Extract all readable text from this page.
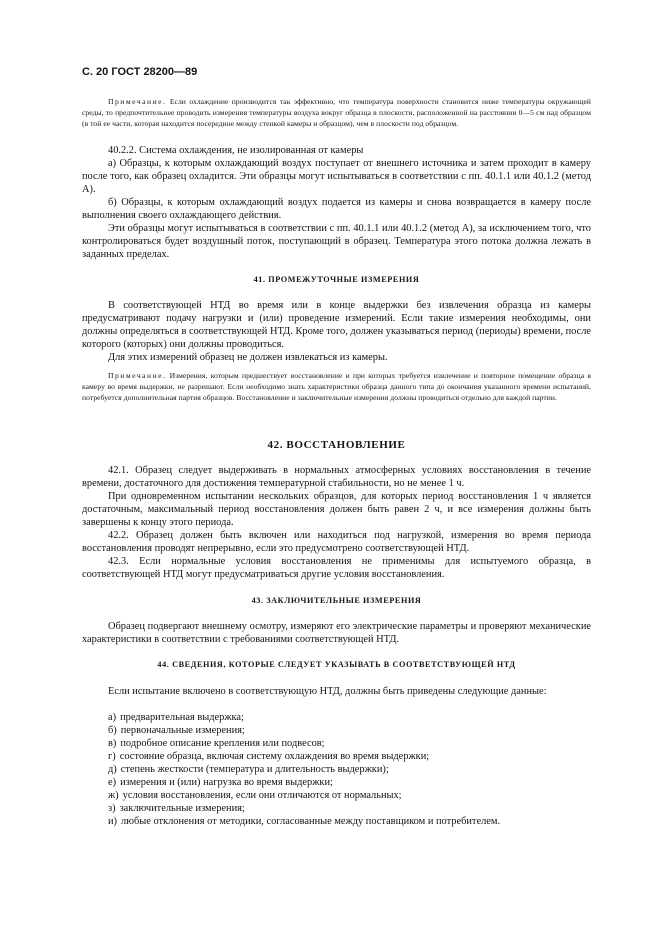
С. 20 ГОСТ 28200—89

Примечание. Если охлаждение производится так эффективно, что температура поверхности становится ниже температуры окружающей среды, то предпочтительнее проводить измерения температуры воздуха вокруг образца в плоскости, расположенной на расстоянии 0—5 см над образцом (в той ее части, которая находится посередине между стенкой камеры и образцом), чем в плоскости под образцом.

40.2.2. Система охлаждения, не изолированная от камеры

а) Образцы, к которым охлаждающий воздух поступает от внешнего источника и затем проходит в камеру после того, как образец охладится. Эти образцы могут испытываться в соответствии с пп. 40.1.1 или 40.1.2 (метод А).

б) Образцы, к которым охлаждающий воздух подается из камеры и снова возвращается в камеру после выполнения своего охлаждающего действия.

Эти образцы могут испытываться в соответствии с пп. 40.1.1 или 40.1.2 (метод А), за исключением того, что контролироваться будет воздушный поток, поступающий в образец. Температура этого потока должна лежать в заданных пределах.

41. ПРОМЕЖУТОЧНЫЕ ИЗМЕРЕНИЯ

В соответствующей НТД во время или в конце выдержки без извлечения образца из камеры предусматривают подачу нагрузки и (или) проведение измерений. Если такие измерения необходимы, они должны определяться в соответствующей НТД. Кроме того, должен указываться период (периоды) времени, после которого (которых) они должны проводиться.

Для этих измерений образец не должен извлекаться из камеры.

Примечание. Измерения, которым предшествует восстановление и при которых требуется извлечение и повторное помещение образца в камеру во время выдержки, не разрешают. Если необходимо знать характеристики образца данного типа до окончания указанного времени испытаний, потребуется дополнительная партия образцов. Восстановление и заключительные измерения должны проводиться отдельно для каждой партии.

42. ВОССТАНОВЛЕНИЕ

42.1. Образец следует выдерживать в нормальных атмосферных условиях восстановления в течение времени, достаточного для достижения температурной стабильности, но не менее 1 ч.

При одновременном испытании нескольких образцов, для которых период восстановления 1 ч является достаточным, максимальный период восстановления должен быть равен 2 ч, и все измерения должны быть завершены к концу этого периода.

42.2. Образец должен быть включен или находиться под нагрузкой, измерения во время периода восстановления проводят непрерывно, если это предусмотрено соответствующей НТД.

42.3. Если нормальные условия восстановления не применимы для испытуемого образца, в соответствующей НТД могут предусматриваться другие условия восстановления.

43. ЗАКЛЮЧИТЕЛЬНЫЕ ИЗМЕРЕНИЯ

Образец подвергают внешнему осмотру, измеряют его электрические параметры и проверяют механические характеристики в соответствии с требованиями соответствующей НТД.

44. СВЕДЕНИЯ, КОТОРЫЕ СЛЕДУЕТ УКАЗЫВАТЬ В СООТВЕТСТВУЮЩЕЙ НТД

Если испытание включено в соответствующую НТД, должны быть приведены следующие данные:

а) предварительная выдержка;
б) первоначальные измерения;
в) подробное описание крепления или подвесов;
г) состояние образца, включая систему охлаждения во время выдержки;
д) степень жесткости (температура и длительность выдержки);
е) измерения и (или) нагрузка во время выдержки;
ж) условия восстановления, если они отличаются от нормальных;
з) заключительные измерения;
и) любые отклонения от методики, согласованные между поставщиком и потребителем.
